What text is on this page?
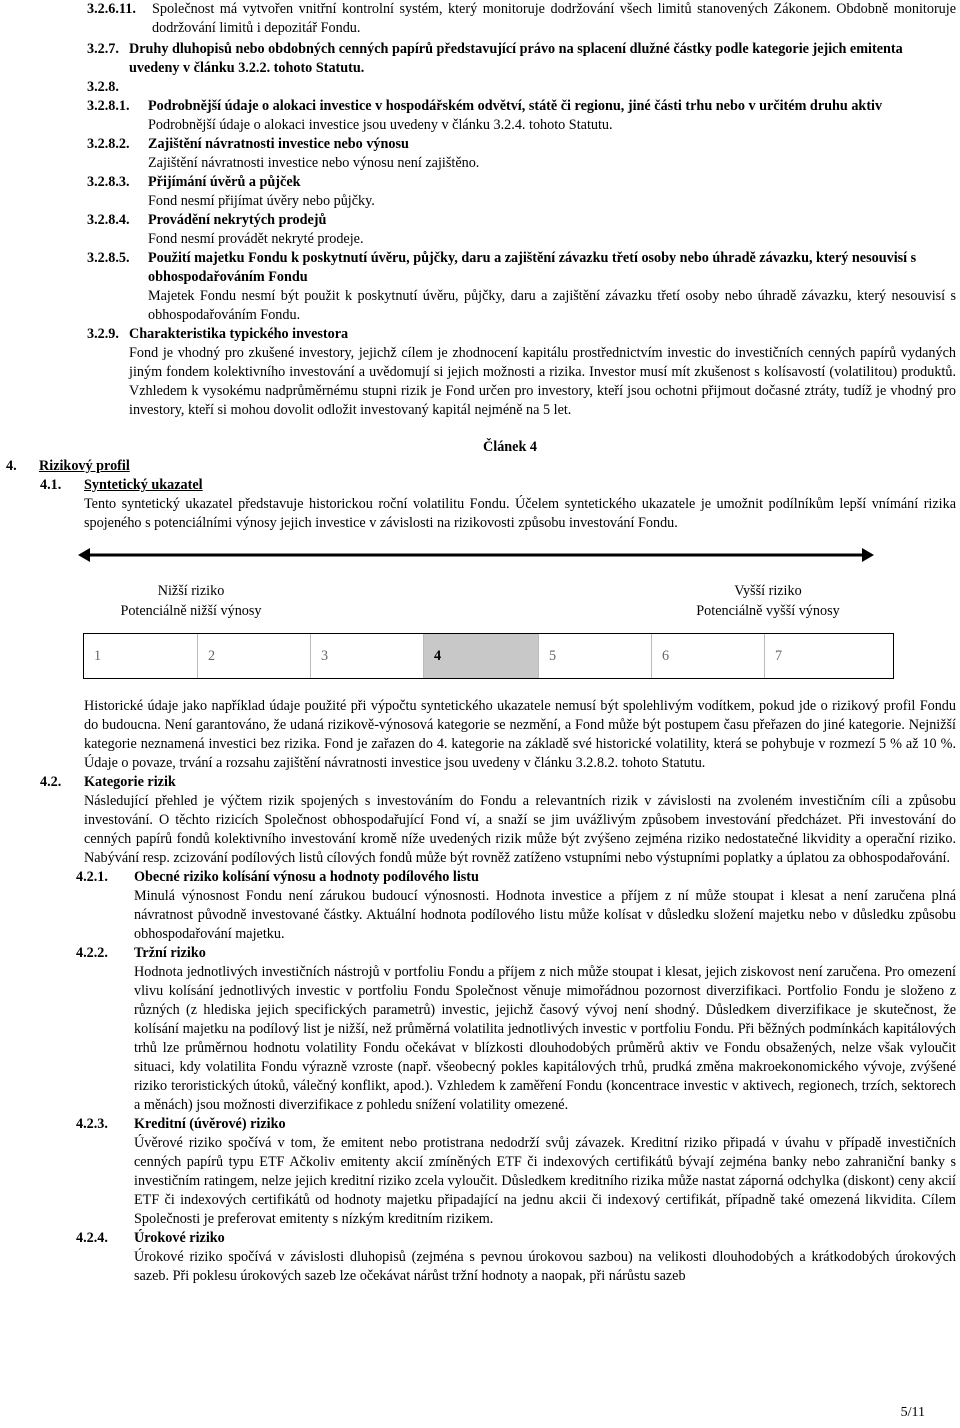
3.2.6.11.	Společnost má vytvořen vnitřní kontrolní systém, který monitoruje dodržování všech limitů stanovených Zákonem. Obdobně monitoruje dodržování limitů i depozitář Fondu.
3.2.7. Druhy dluhopisů nebo obdobných cenných papírů představující právo na splacení dlužné částky podle kategorie jejich emitenta uvedeny v článku 3.2.2. tohoto Statutu.
3.2.8.
3.2.8.1.	Podrobnější údaje o alokaci investice v hospodářském odvětví, státě či regionu, jiné části trhu nebo v určitém druhu aktiv

Podrobnější údaje o alokaci investice jsou uvedeny v článku 3.2.4. tohoto Statutu.

3.2.8.2.	Zajištění návratnosti investice nebo výnosu

Zajištění návratnosti investice nebo výnosu není zajištěno.

3.2.8.3.	Přijímání úvěrů a půjček

Fond nesmí přijímat úvěry nebo půjčky.

3.2.8.4.	Provádění nekrytých prodejů

Fond nesmí provádět nekryté prodeje.

3.2.8.5.	Použití majetku Fondu k poskytnutí úvěru, půjčky, daru a zajištění závazku třetí osoby nebo úhradě závazku, který nesouvisí s obhospodařováním Fondu

Majetek Fondu nesmí být použit k poskytnutí úvěru, půjčky, daru a zajištění závazku třetí osoby nebo úhradě závazku, který nesouvisí s obhospodařováním Fondu.

3.2.9. Charakteristika typického investora

Fond je vhodný pro zkušené investory, jejichž cílem je zhodnocení kapitálu prostřednictvím investic do investičních cenných papírů vydaných jiným fondem kolektivního investování a uvědomují si jejich možnosti a rizika. Investor musí mít zkušenost s kolísavostí (volatilitou) produktů. Vzhledem k vysokému nadprůměrnému stupni rizik je Fond určen pro investory, kteří jsou ochotni přijmout dočasné ztráty, tudíž je vhodný pro investory, kteří si mohou dovolit odložit investovaný kapitál nejméně na 5 let.

Článek 4

4.	Rizikový profil
4.1.	Syntetický ukazatel

Tento syntetický ukazatel představuje historickou roční volatilitu Fondu. Účelem syntetického ukazatele je umožnit podílníkům lepší vnímání rizika spojeného s potenciálními výnosy jejich investice v závislosti na rizikovosti způsobu investování Fondu.

Nižší riziko
Potenciálně nižší výnosy
Vyšší riziko
Potenciálně vyšší výnosy
1	2	3	4	5	6	7

Historické údaje jako například údaje použité při výpočtu syntetického ukazatele nemusí být spolehlivým vodítkem, pokud jde o rizikový profil Fondu do budoucna. Není garantováno, že udaná rizikově-výnosová kategorie se nezmění, a Fond může být postupem času přeřazen do jiné kategorie. Nejnižší kategorie neznamená investici bez rizika. Fond je zařazen do 4. kategorie na základě své historické volatility, která se pohybuje v rozmezí 5 % až 10 %. Údaje o povaze, trvání a rozsahu zajištění návratnosti investice jsou uvedeny v článku 3.2.8.2. tohoto Statutu.

4.2.	Kategorie rizik

Následující přehled je výčtem rizik spojených s investováním do Fondu a relevantních rizik v závislosti na zvoleném investičním cíli a způsobu investování. O těchto rizicích Společnost obhospodařující Fond ví, a snaží se jim uvážlivým způsobem investování předcházet. Při investování do cenných papírů fondů kolektivního investování kromě níže uvedených rizik může být zvýšeno zejména riziko nedostatečné likvidity a operační riziko. Nabývání resp. zcizování podílových listů cílových fondů může být rovněž zatíženo vstupními nebo výstupními poplatky a úplatou za obhospodařování.

4.2.1.	Obecné riziko kolísání výnosu a hodnoty podílového listu

Minulá výnosnost Fondu není zárukou budoucí výnosnosti. Hodnota investice a příjem z ní může stoupat i klesat a není zaručena plná návratnost původně investované částky. Aktuální hodnota podílového listu může kolísat v důsledku složení majetku nebo v důsledku způsobu obhospodařování majetku.

4.2.2.	Tržní riziko

Hodnota jednotlivých investičních nástrojů v portfoliu Fondu a příjem z nich může stoupat i klesat, jejich ziskovost není zaručena. Pro omezení vlivu kolísání jednotlivých investic v portfoliu Fondu Společnost věnuje mimořádnou pozornost diverzifikaci. Portfolio Fondu je složeno z různých (z hlediska jejich specifických parametrů) investic, jejichž časový vývoj není shodný. Důsledkem diverzifikace je skutečnost, že kolísání majetku na podílový list je nižší, než průměrná volatilita jednotlivých investic v portfoliu Fondu. Při běžných podmínkách kapitálových trhů lze průměrnou hodnotu volatility Fondu očekávat v blízkosti dlouhodobých průměrů aktiv ve Fondu obsažených, nelze však vyloučit situaci, kdy volatilita Fondu výrazně vzroste (např. všeobecný pokles kapitálových trhů, prudká změna makroekonomického vývoje, zvýšené riziko teroristických útoků, válečný konflikt, apod.). Vzhledem k zaměření Fondu (koncentrace investic v aktivech, regionech, trzích, sektorech a měnách) jsou možnosti diverzifikace z pohledu snížení volatility omezené.

4.2.3.	Kreditní (úvěrové) riziko

Úvěrové riziko spočívá v tom, že emitent nebo protistrana nedodrží svůj závazek. Kreditní riziko připadá v úvahu v případě investičních cenných papírů typu ETF Ačkoliv emitenty akcií zmíněných ETF či indexových certifikátů bývají zejména banky nebo zahraniční banky s investičním ratingem, nelze jejich kreditní riziko zcela vyloučit. Důsledkem kreditního rizika může nastat záporná odchylka (diskont) ceny akcií ETF či indexových certifikátů od hodnoty majetku připadající na jednu akcii či indexový certifikát, případně také omezená likvidita. Cílem Společnosti je preferovat emitenty s nízkým kreditním rizikem.

4.2.4.	Úrokové riziko

Úrokové riziko spočívá v závislosti dluhopisů (zejména s pevnou úrokovou sazbou) na velikosti dlouhodobých a krátkodobých úrokových sazeb. Při poklesu úrokových sazeb lze očekávat nárůst tržní hodnoty a naopak, při nárůstu sazeb

5/11
